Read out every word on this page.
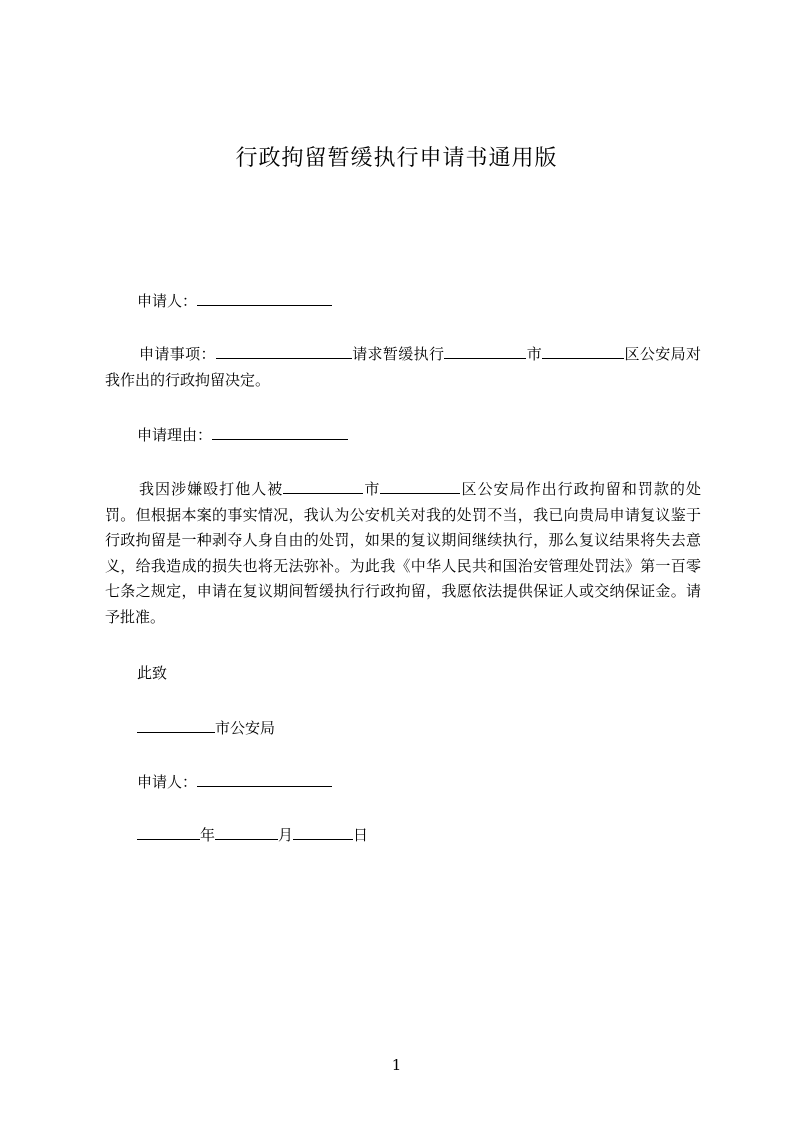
行政拘留暂缓执行申请书通用版
申请人：

申请事项：	请求暂缓执行	市	区公安局对我作出的行政拘留决定。

申请理由：

我因涉嫌殴打他人被	市	区公安局作出行政拘留和罚款的处罚。但根据本案的事实情况，我认为公安机关对我的处罚不当，我已向贵局申请复议鉴于行政拘留是一种剥夺人身自由的处罚，如果的复议期间继续执行，那么复议结果将失去意义，给我造成的损失也将无法弥补。为此我《中华人民共和国治安管理处罚法》第一百零七条之规定，申请在复议期间暂缓执行行政拘留，我愿依法提供保证人或交纳保证金。请予批准。

此致
市公安局
申请人：
年	月	日
1
